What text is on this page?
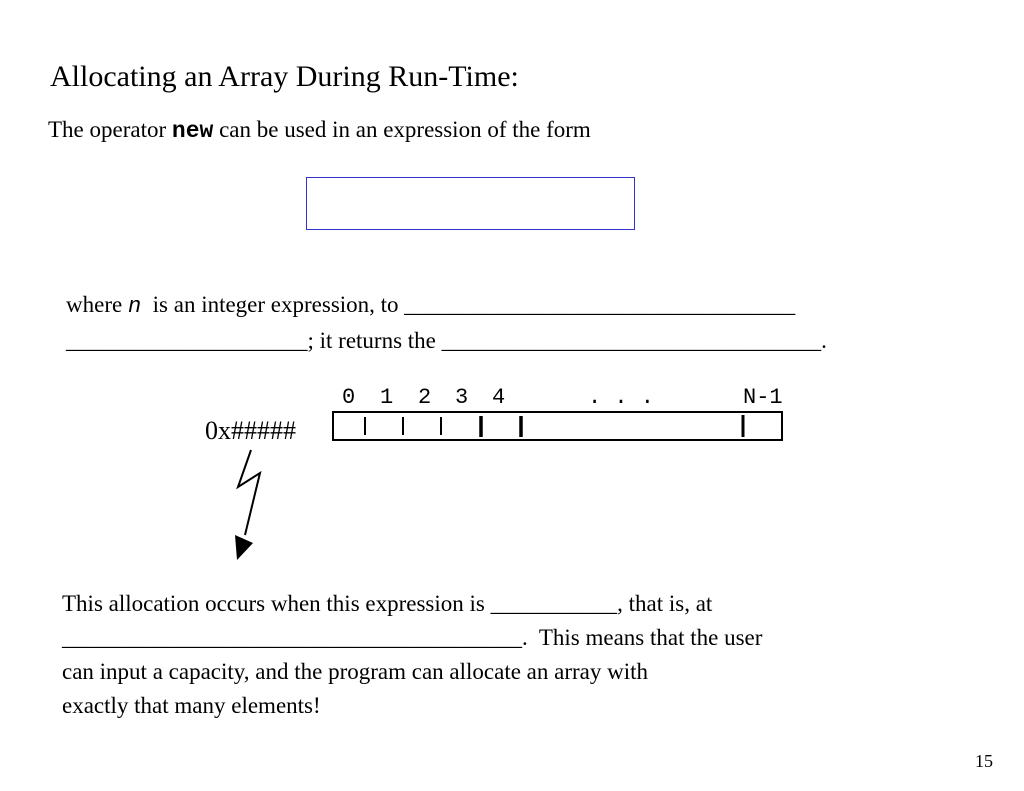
Allocating an Array During Run-Time:
The operator new can be used in an expression of the form
where n  is an integer expression, to __________________________________
_____________________; it returns the _________________________________.
0 1 2 3 4	. . .	N-1
0x#####
This allocation occurs when this expression is ___________, that is, at
________________________________________.  This means that the user
can input a capacity, and the program can allocate an array with
exactly that many elements!
15
